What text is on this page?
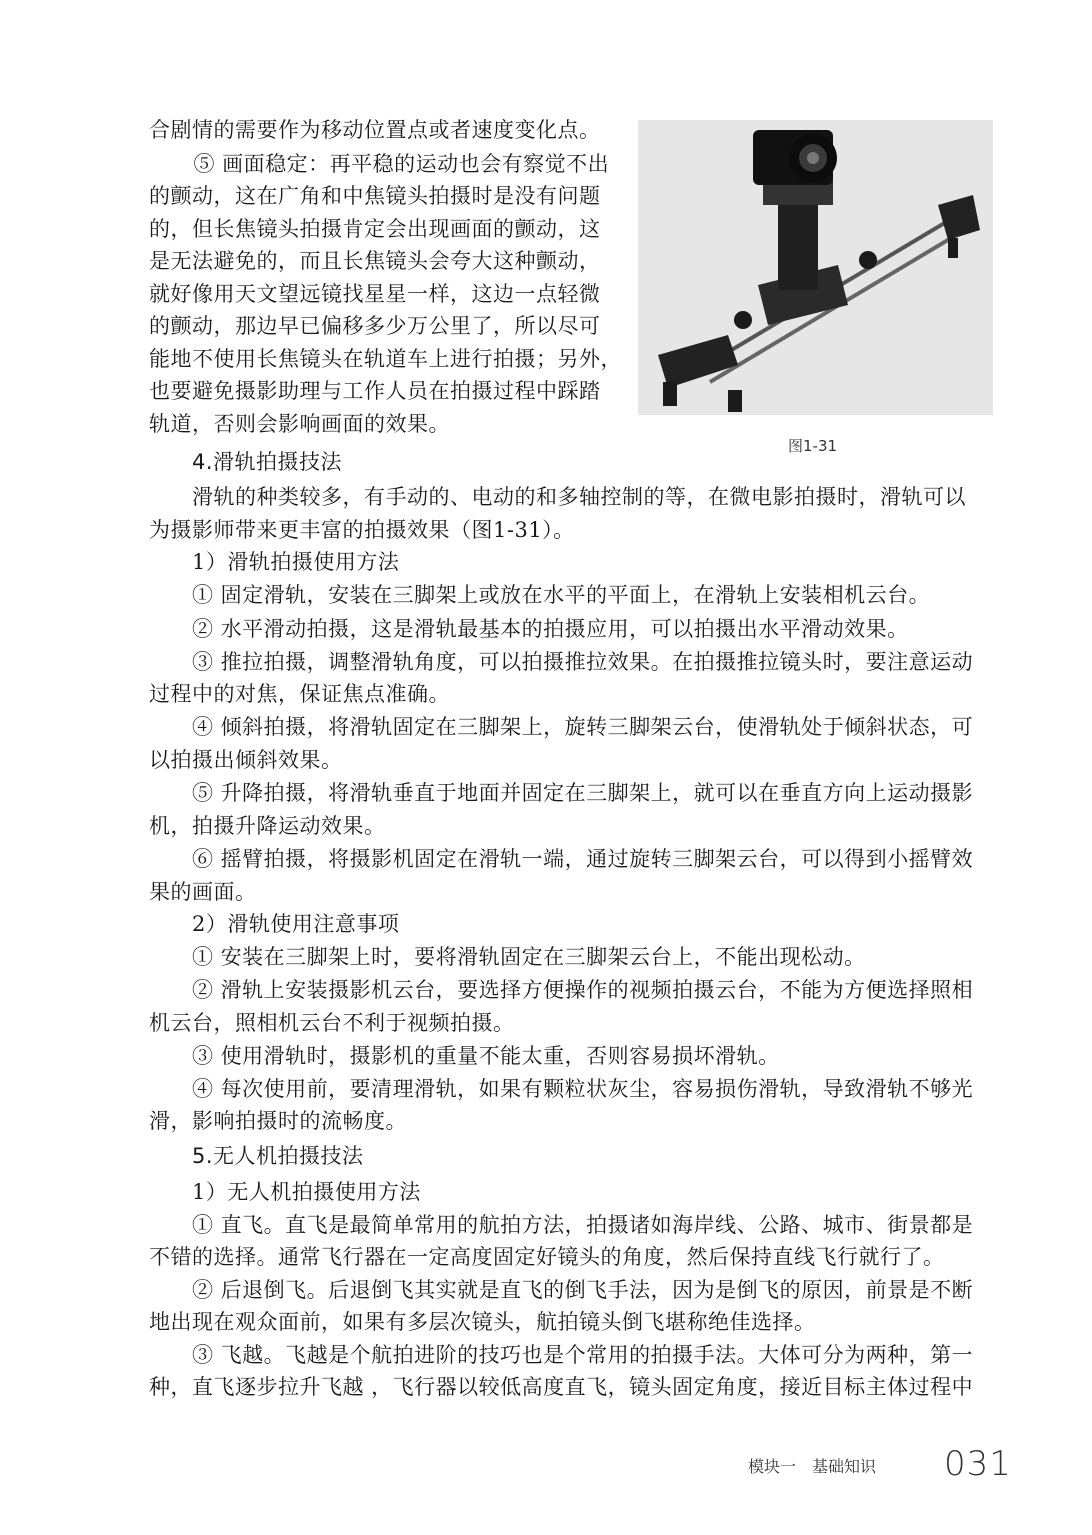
合剧情的需要作为移动位置点或者速度变化点。
　⑤ 画面稳定：再平稳的运动也会有察觉不出
的颤动，这在广角和中焦镜头拍摄时是没有问题
的，但长焦镜头拍摄肯定会出现画面的颤动，这
是无法避免的，而且长焦镜头会夸大这种颤动，
就好像用天文望远镜找星星一样，这边一点轻微
的颤动，那边早已偏移多少万公里了，所以尽可
能地不使用长焦镜头在轨道车上进行拍摄；另外，
也要避免摄影助理与工作人员在拍摄过程中踩踏
轨道，否则会影响画面的效果。
4.滑轨拍摄技法
滑轨的种类较多，有手动的、电动的和多轴控制的等，在微电影拍摄时，滑轨可以
为摄影师带来更丰富的拍摄效果（图1-31）。
1）滑轨拍摄使用方法
① 固定滑轨，安装在三脚架上或放在水平的平面上，在滑轨上安装相机云台。
② 水平滑动拍摄，这是滑轨最基本的拍摄应用，可以拍摄出水平滑动效果。
③ 推拉拍摄，调整滑轨角度，可以拍摄推拉效果。在拍摄推拉镜头时，要注意运动
过程中的对焦，保证焦点准确。
④ 倾斜拍摄，将滑轨固定在三脚架上，旋转三脚架云台，使滑轨处于倾斜状态，可
以拍摄出倾斜效果。
⑤ 升降拍摄，将滑轨垂直于地面并固定在三脚架上，就可以在垂直方向上运动摄影
机，拍摄升降运动效果。
⑥ 摇臂拍摄，将摄影机固定在滑轨一端，通过旋转三脚架云台，可以得到小摇臂效
果的画面。
2）滑轨使用注意事项
① 安装在三脚架上时，要将滑轨固定在三脚架云台上，不能出现松动。
② 滑轨上安装摄影机云台，要选择方便操作的视频拍摄云台，不能为方便选择照相
机云台，照相机云台不利于视频拍摄。
③ 使用滑轨时，摄影机的重量不能太重，否则容易损坏滑轨。
④ 每次使用前，要清理滑轨，如果有颗粒状灰尘，容易损伤滑轨，导致滑轨不够光
滑，影响拍摄时的流畅度。
5.无人机拍摄技法
1）无人机拍摄使用方法
① 直飞。直飞是最简单常用的航拍方法，拍摄诸如海岸线、公路、城市、街景都是
不错的选择。通常飞行器在一定高度固定好镜头的角度，然后保持直线飞行就行了。
② 后退倒飞。后退倒飞其实就是直飞的倒飞手法，因为是倒飞的原因，前景是不断
地出现在观众面前，如果有多层次镜头，航拍镜头倒飞堪称绝佳选择。
③ 飞越。飞越是个航拍进阶的技巧也是个常用的拍摄手法。大体可分为两种，第一
种，直飞逐步拉升飞越 ，飞行器以较低高度直飞，镜头固定角度，接近目标主体过程中
图1-31
模块一　基础知识 031
